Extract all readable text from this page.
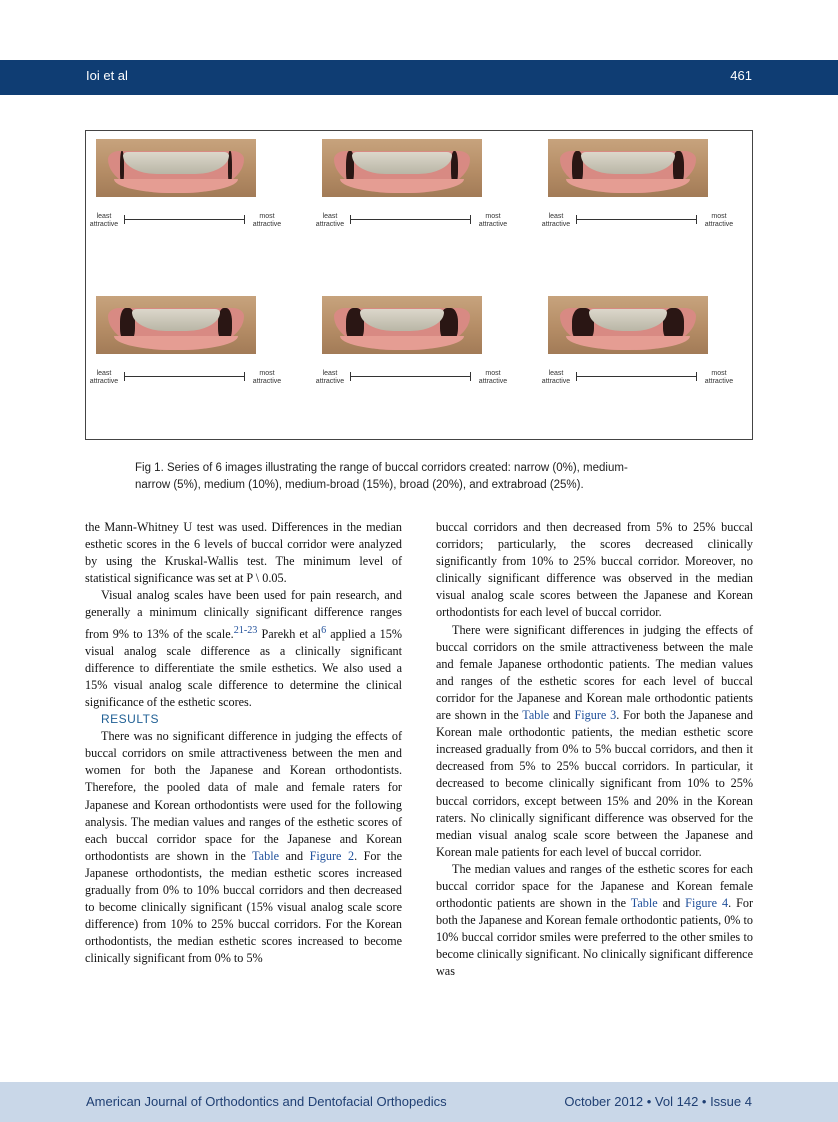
Ioi et al	461
least
attractive
most
attractive
least
attractive
most
attractive
least
attractive
most
attractive
least
attractive
most
attractive
least
attractive
most
attractive
least
attractive
most
attractive
Fig 1. Series of 6 images illustrating the range of buccal corridors created: narrow (0%), medium-
narrow (5%), medium (10%), medium-broad (15%), broad (20%), and extrabroad (25%).

the Mann-Whitney U test was used. Differences in the median esthetic scores in the 6 levels of buccal corridor were analyzed by using the Kruskal-Wallis test. The minimum level of statistical significance was set at P \ 0.05.

Visual analog scales have been used for pain research, and generally a minimum clinically significant difference ranges from 9% to 13% of the scale.$^{21-23}$ Parekh et $al^6$ applied a 15% visual analog scale difference as a clinically significant difference to differentiate the smile esthetics. We also used a 15% visual analog scale difference to determine the clinical significance of the esthetic scores.

RESULTS

There was no significant difference in judging the effects of buccal corridors on smile attractiveness between the men and women for both the Japanese and Korean orthodontists. Therefore, the pooled data of male and female raters for Japanese and Korean orthodontists were used for the following analysis. The median values and ranges of the esthetic scores of each buccal corridor space for the Japanese and Korean orthodontists are shown in the Table and Figure 2. For the Japanese orthodontists, the median esthetic scores increased gradually from 0% to 10% buccal corridors and then decreased to become clinically significant (15% visual analog scale score difference) from 10% to 25% buccal corridors. For the Korean orthodontists, the median esthetic scores increased to become clinically significant from 0% to 5%

buccal corridors and then decreased from 5% to 25% buccal corridors; particularly, the scores decreased clinically significantly from 10% to 25% buccal corridor. Moreover, no clinically significant difference was observed in the median visual analog scale scores between the Japanese and Korean orthodontists for each level of buccal corridor.

There were significant differences in judging the effects of buccal corridors on the smile attractiveness between the male and female Japanese orthodontic patients. The median values and ranges of the esthetic scores for each level of buccal corridor for the Japanese and Korean male orthodontic patients are shown in the Table and Figure 3. For both the Japanese and Korean male orthodontic patients, the median esthetic score increased gradually from 0% to 5% buccal corridors, and then it decreased from 5% to 25% buccal corridors. In particular, it decreased to become clinically significant from 10% to 25% buccal corridors, except between 15% and 20% in the Korean raters. No clinically significant difference was observed for the median visual analog scale score between the Japanese and Korean male patients for each level of buccal corridor.

The median values and ranges of the esthetic scores for each buccal corridor space for the Japanese and Korean female orthodontic patients are shown in the Table and Figure 4. For both the Japanese and Korean female orthodontic patients, 0% to 10% buccal corridor smiles were preferred to the other smiles to become clinically significant. No clinically significant difference was

American Journal of Orthodontics and Dentofacial Orthopedics	October 2012 • Vol 142 • Issue 4
